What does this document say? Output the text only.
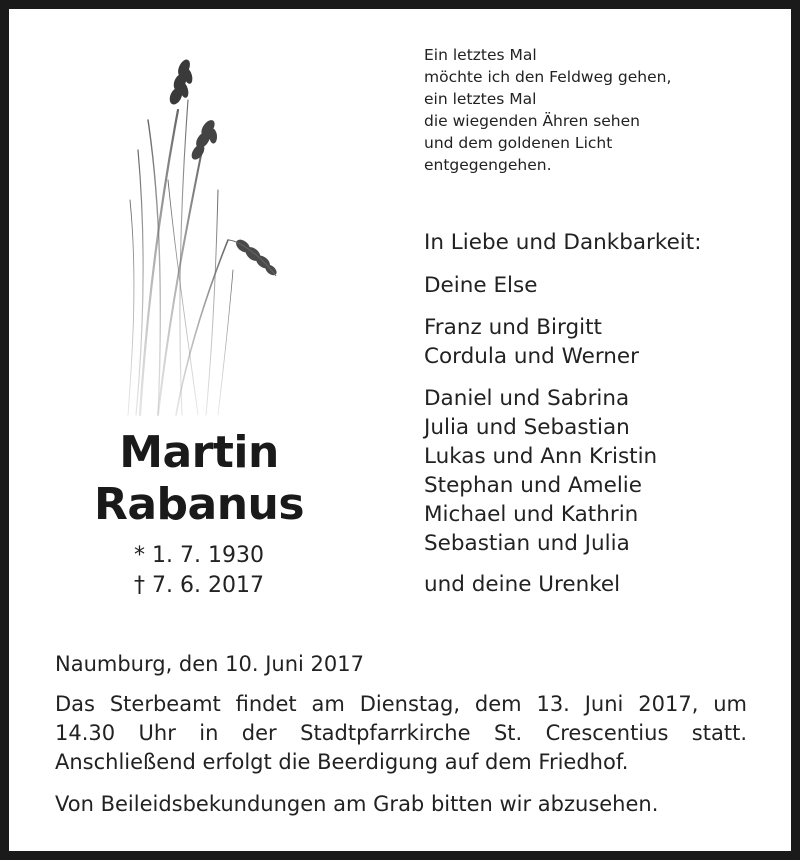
Ein letztes Mal
möchte ich den Feldweg gehen,
ein letztes Mal
die wiegenden Ähren sehen
und dem goldenen Licht
entgegengehen.
Martin
Rabanus
* 1. 7. 1930
† 7. 6. 2017
In Liebe und Dankbarkeit:
Deine Else
Franz und Birgitt
Cordula und Werner
Daniel und Sabrina
Julia und Sebastian
Lukas und Ann Kristin
Stephan und Amelie
Michael und Kathrin
Sebastian und Julia
und deine Urenkel
Naumburg, den 10. Juni 2017
Das Sterbeamt findet am Dienstag, dem 13. Juni 2017, um
14.30 Uhr in der Stadtpfarrkirche St. Crescentius statt.
Anschließend erfolgt die Beerdigung auf dem Friedhof.
Von Beileidsbekundungen am Grab bitten wir abzusehen.
